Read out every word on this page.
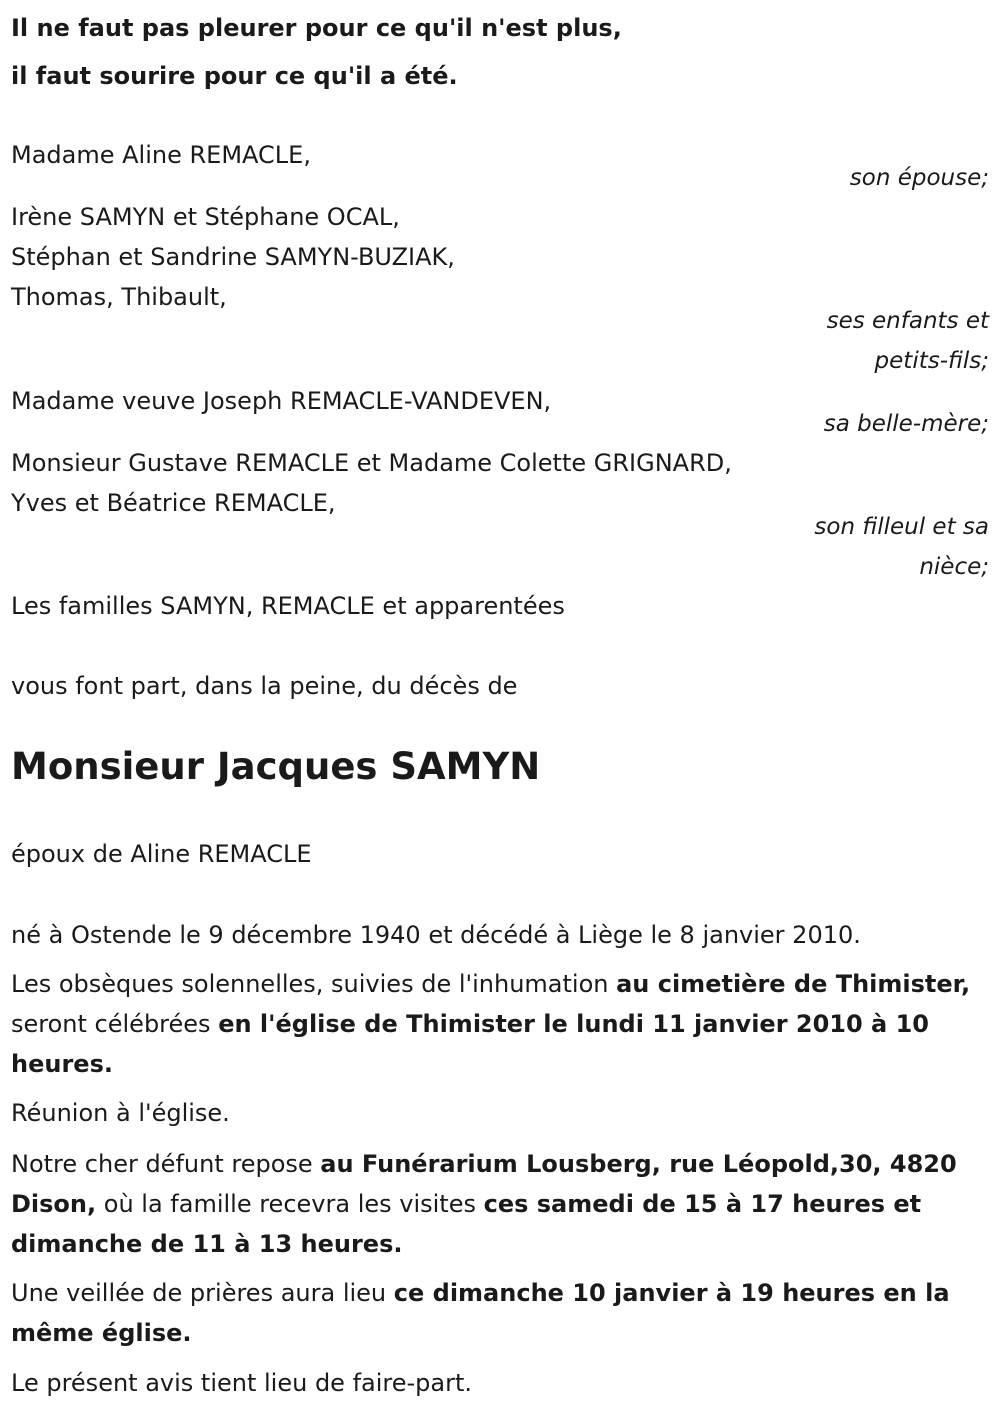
Il ne faut pas pleurer pour ce qu'il n'est plus,
il faut sourire pour ce qu'il a été.
Madame Aline REMACLE,
son épouse;
Irène SAMYN et Stéphane OCAL,
Stéphan et Sandrine SAMYN-BUZIAK,
Thomas, Thibault,
ses enfants et
petits-fils;
Madame veuve Joseph REMACLE-VANDEVEN,
sa belle-mère;
Monsieur Gustave REMACLE et Madame Colette GRIGNARD,
Yves et Béatrice REMACLE,
son filleul et sa
nièce;
Les familles SAMYN, REMACLE et apparentées
vous font part, dans la peine, du décès de
Monsieur Jacques SAMYN
époux de Aline REMACLE
né à Ostende le 9 décembre 1940 et décédé à Liège le 8 janvier 2010.
Les obsèques solennelles, suivies de l'inhumation au cimetière de Thimister, seront célébrées en l'église de Thimister le lundi 11 janvier 2010 à 10 heures.
Réunion à l'église.
Notre cher défunt repose au Funérarium Lousberg, rue Léopold,30, 4820 Dison, où la famille recevra les visites ces samedi de 15 à 17 heures et dimanche de 11 à 13 heures.
Une veillée de prières aura lieu ce dimanche 10 janvier à 19 heures en la même église.
Le présent avis tient lieu de faire-part.
